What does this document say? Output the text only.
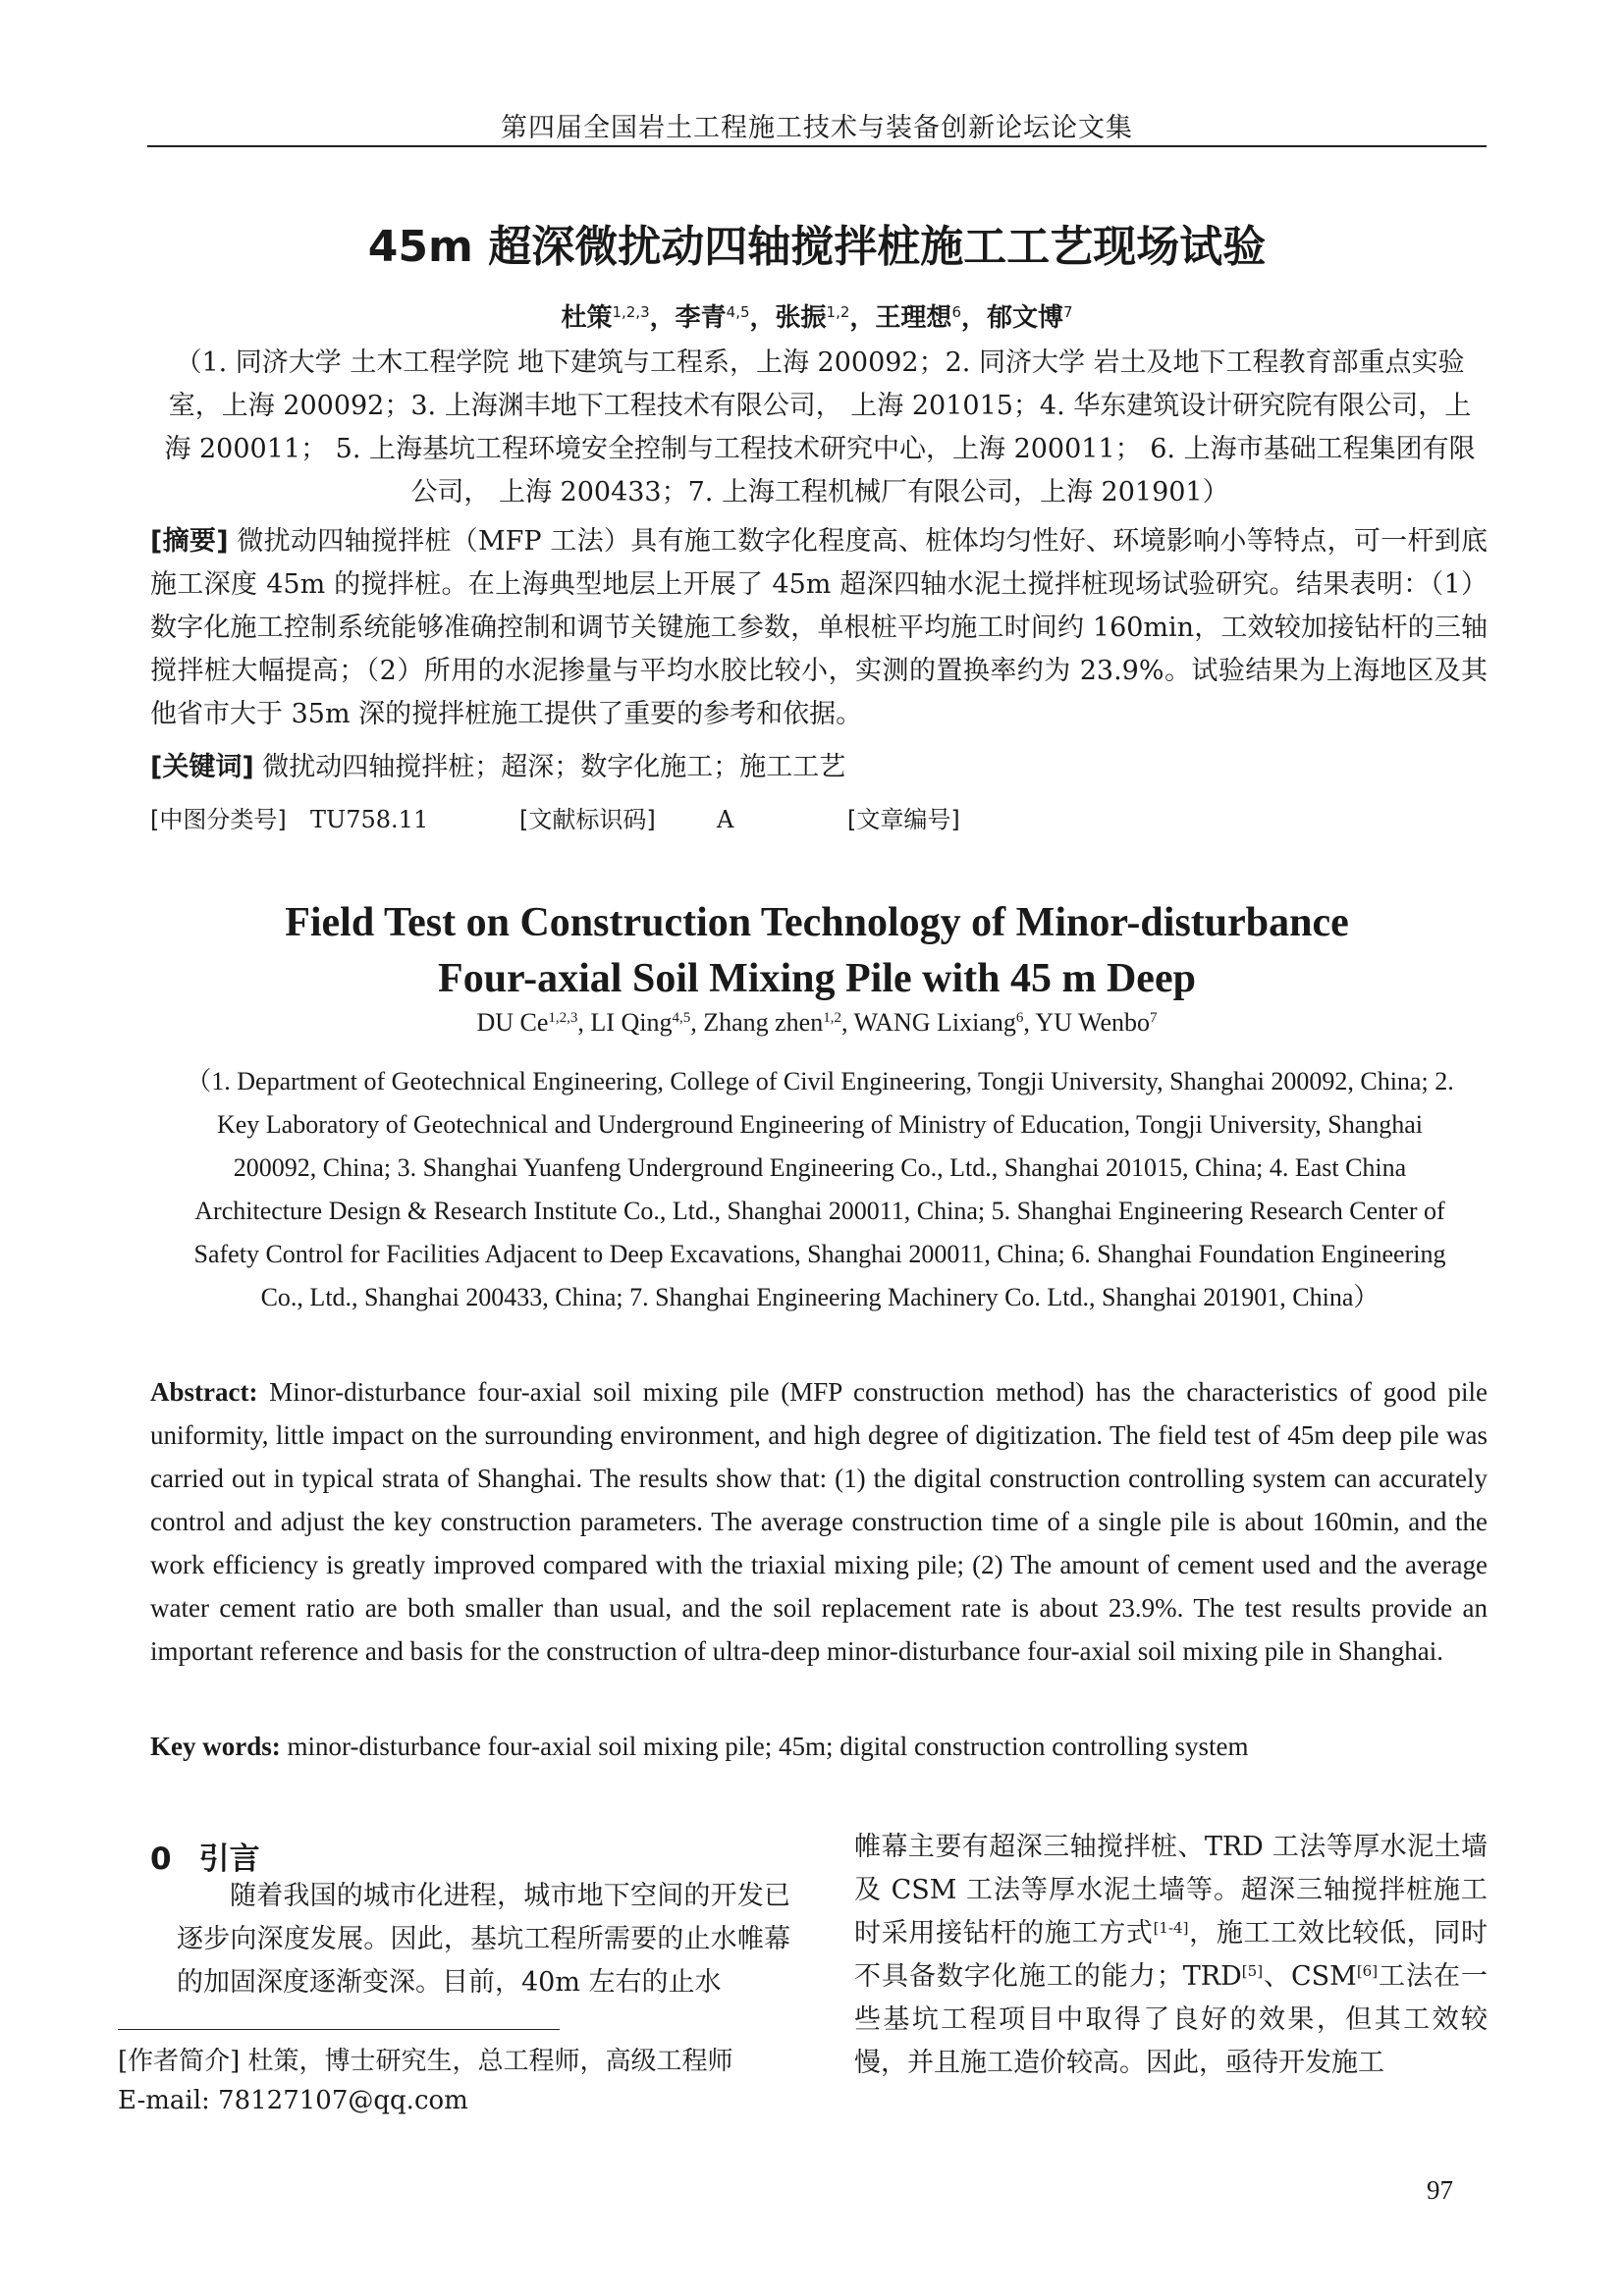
第四届全国岩土工程施工技术与装备创新论坛论文集
45m 超深微扰动四轴搅拌桩施工工艺现场试验
杜策$^{1,2,3}$，李青$^{4,5}$，张振$^{1,2}$，王理想$^6$，郁文博$^7$
（1. 同济大学 土木工程学院 地下建筑与工程系，上海 200092；2. 同济大学 岩土及地下工程教育部重点实验室，上海 200092；3. 上海渊丰地下工程技术有限公司， 上海 201015；4. 华东建筑设计研究院有限公司，上海 200011； 5. 上海基坑工程环境安全控制与工程技术研究中心，上海 200011； 6. 上海市基础工程集团有限公司， 上海 200433；7. 上海工程机械厂有限公司，上海 201901）
[摘要] 微扰动四轴搅拌桩（MFP 工法）具有施工数字化程度高、桩体均匀性好、环境影响小等特点，可一杆到底施工深度 45m 的搅拌桩。在上海典型地层上开展了 45m 超深四轴水泥土搅拌桩现场试验研究。结果表明：（1）数字化施工控制系统能够准确控制和调节关键施工参数，单根桩平均施工时间约 160min，工效较加接钻杆的三轴搅拌桩大幅提高；（2）所用的水泥掺量与平均水胶比较小，实测的置换率约为 23.9%。试验结果为上海地区及其他省市大于 35m 深的搅拌桩施工提供了重要的参考和依据。
[关键词] 微扰动四轴搅拌桩；超深；数字化施工；施工工艺
[中图分类号] TU758.11	[文献标识码]	A	[文章编号]
Field Test on Construction Technology of Minor-disturbance
Four-axial Soil Mixing Pile with 45 m Deep
DU Ce$^{1,2,3}$, LI Qing$^{4,5}$, Zhang zhen$^{1,2}$, WANG Lixiang$^6$, YU Wenbo$^7$
（1. Department of Geotechnical Engineering, College of Civil Engineering, Tongji University, Shanghai 200092, China; 2. Key Laboratory of Geotechnical and Underground Engineering of Ministry of Education, Tongji University, Shanghai 200092, China; 3. Shanghai Yuanfeng Underground Engineering Co., Ltd., Shanghai 201015, China; 4. East China Architecture Design & Research Institute Co., Ltd., Shanghai 200011, China; 5. Shanghai Engineering Research Center of Safety Control for Facilities Adjacent to Deep Excavations, Shanghai 200011, China; 6. Shanghai Foundation Engineering Co., Ltd., Shanghai 200433, China; 7. Shanghai Engineering Machinery Co. Ltd., Shanghai 201901, China）
Abstract: Minor-disturbance four-axial soil mixing pile (MFP construction method) has the characteristics of good pile uniformity, little impact on the surrounding environment, and high degree of digitization. The field test of 45m deep pile was carried out in typical strata of Shanghai. The results show that: (1) the digital construction controlling system can accurately control and adjust the key construction parameters. The average construction time of a single pile is about 160min, and the work efficiency is greatly improved compared with the triaxial mixing pile; (2) The amount of cement used and the average water cement ratio are both smaller than usual, and the soil replacement rate is about 23.9%. The test results provide an important reference and basis for the construction of ultra-deep minor-disturbance four-axial soil mixing pile in Shanghai.
Key words: minor-disturbance four-axial soil mixing pile; 45m; digital construction controlling system
0 引言
随着我国的城市化进程，城市地下空间的开发已逐步向深度发展。因此，基坑工程所需要的止水帷幕的加固深度逐渐变深。目前，40m 左右的止水
帷幕主要有超深三轴搅拌桩、TRD 工法等厚水泥土墙及 CSM 工法等厚水泥土墙等。超深三轴搅拌桩施工时采用接钻杆的施工方式[1-4]，施工工效比较低，同时不具备数字化施工的能力；TRD[5]、CSM[6]工法在一些基坑工程项目中取得了良好的效果，但其工效较慢，并且施工造价较高。因此，亟待开发施工
[作者简介] 杜策，博士研究生，总工程师，高级工程师
E-mail: 78127107@qq.com
97
